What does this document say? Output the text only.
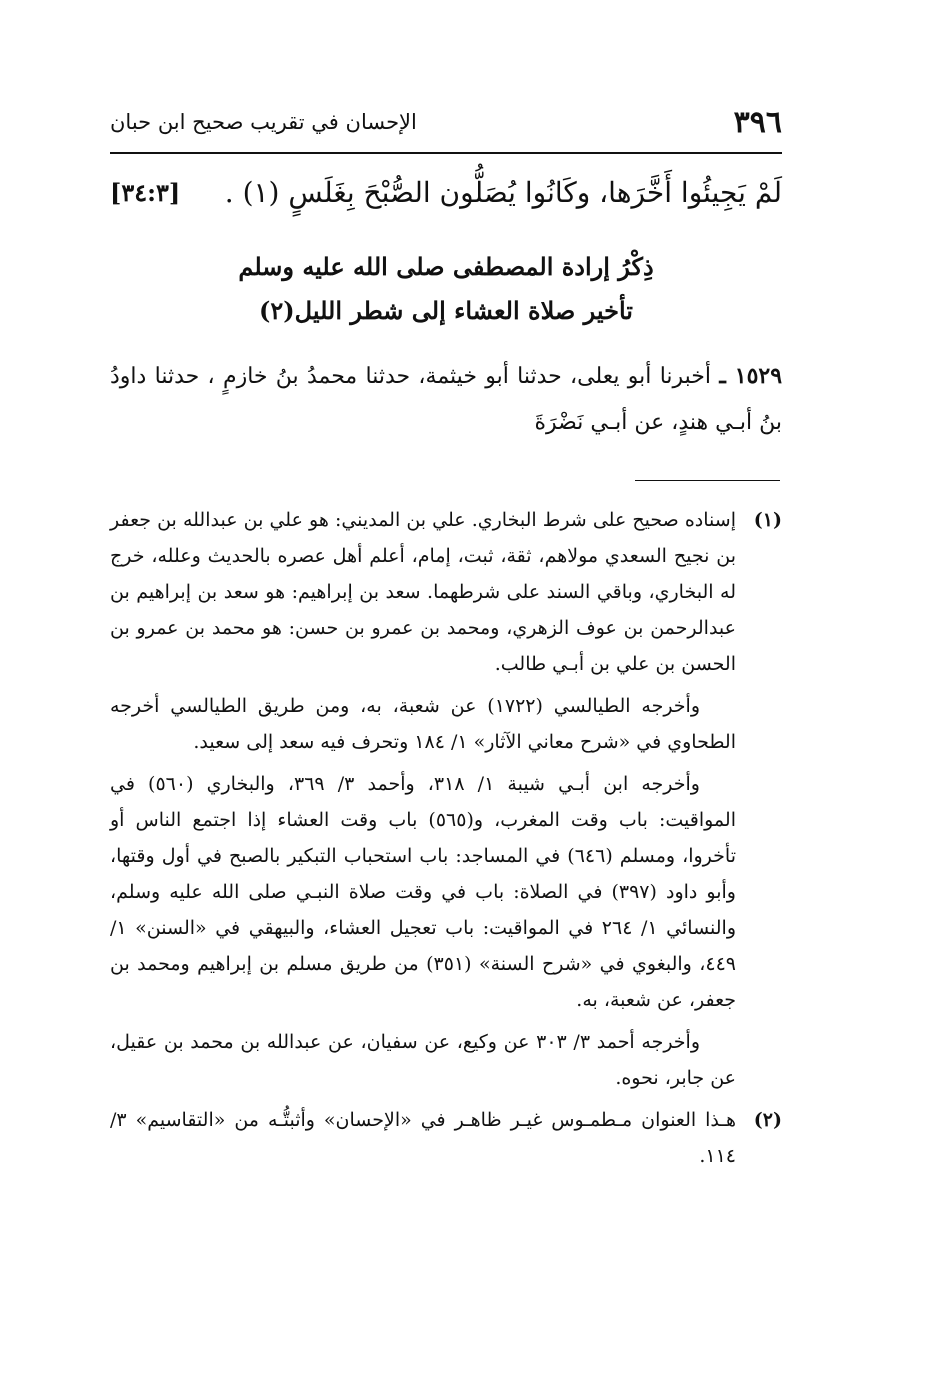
٣٩٦
الإحسان في تقريب صحيح ابن حبان
لَمْ يَجِيئُوا أَخَّرَها، وكَانُوا يُصَلُّون الصُّبْحَ بِغَلَسٍ (١) .
[٣٤:٣]
ذِكْرُ إرادة المصطفى صلى الله عليه وسلم
تأخير صلاة العشاء إلى شطر الليل(٢)
١٥٢٩ ـ أخبرنا أبو يعلى، حدثنا أبو خيثمة، حدثنا محمدُ بنُ خازمٍ ، حدثنا داودُ بنُ أبـي هندٍ، عن أبـي نَضْرَةَ
(١)

إسناده صحيح على شرط البخاري. علي بن المديني: هو علي بن عبدالله بن جعفر بن نجيح السعدي مولاهم، ثقة، ثبت، إمام، أعلم أهل عصره بالحديث وعلله، خرج له البخاري، وباقي السند على شرطهما. سعد بن إبراهيم: هو سعد بن إبراهيم بن عبدالرحمن بن عوف الزهري، ومحمد بن عمرو بن حسن: هو محمد بن عمرو بن الحسن بن علي بن أبـي طالب.

وأخرجه الطيالسي (١٧٢٢) عن شعبة، به، ومن طريق الطيالسي أخرجه الطحاوي في «شرح معاني الآثار» ١/ ١٨٤ وتحرف فيه سعد إلى سعيد.

وأخرجه ابن أبـي شيبة ١/ ٣١٨، وأحمد ٣/ ٣٦٩، والبخاري (٥٦٠) في المواقيت: باب وقت المغرب، و(٥٦٥) باب وقت العشاء إذا اجتمع الناس أو تأخروا، ومسلم (٦٤٦) في المساجد: باب استحباب التبكير بالصبح في أول وقتها، وأبو داود (٣٩٧) في الصلاة: باب في وقت صلاة النبـي صلى الله عليه وسلم، والنسائي ١/ ٢٦٤ في المواقيت: باب تعجيل العشاء، والبيهقي في «السنن» ١/ ٤٤٩، والبغوي في «شرح السنة» (٣٥١) من طريق مسلم بن إبراهيم ومحمد بن جعفر، عن شعبة، به.

وأخرجه أحمد ٣/ ٣٠٣ عن وكيع، عن سفيان، عن عبدالله بن محمد بن عقيل، عن جابر، نحوه.

(٢)

هـذا العنوان مـطمـوس غيـر ظاهـر في «الإحسان» وأثبتُّـه من «التقاسيم» ٣/ ١١٤.
